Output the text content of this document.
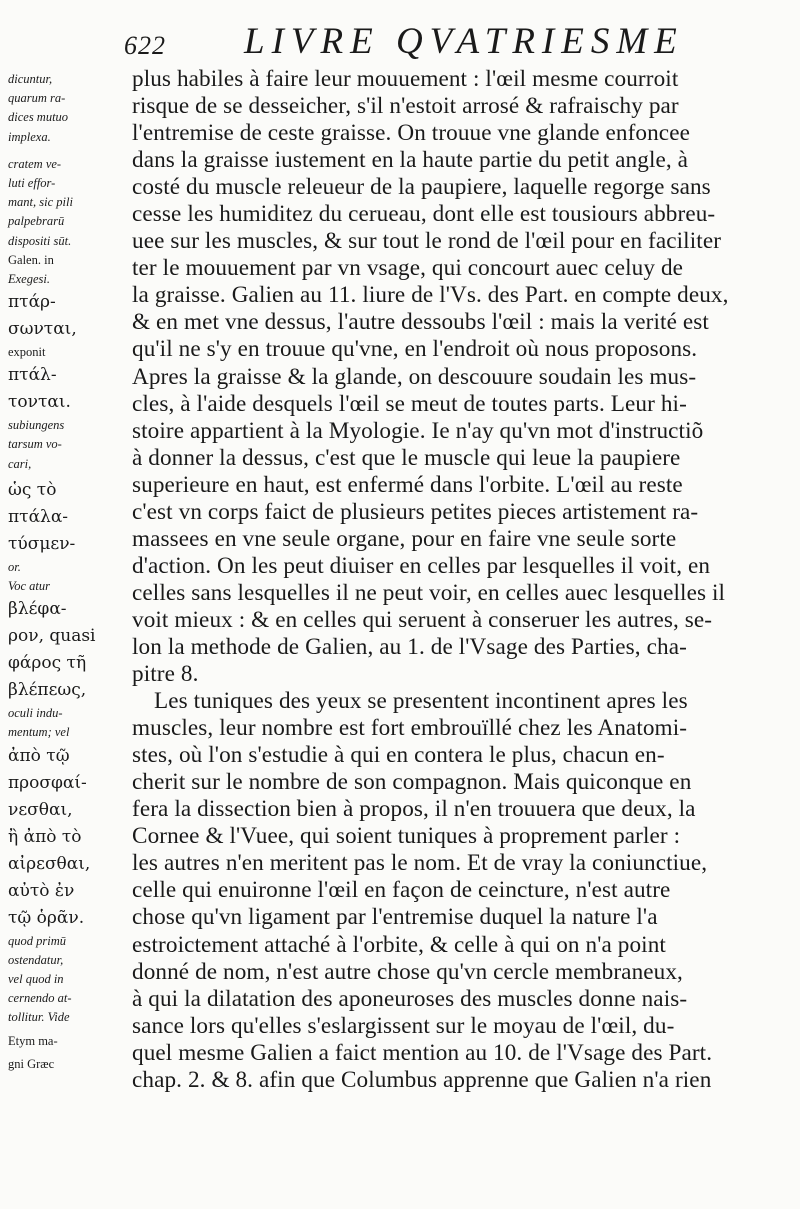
622 LIVRE QVATRIESME
dicuntur,
quarum ra-
dices mutuo
implexa.
cratem ve-
luti effor-
mant, sic pili
palpebrarū
dispositi sūt.
Galen. in
Exegesi.
πτάρ-
σωνται,
exponit
πτάλ-
τονται.
subiungens
tarsum vo-
cari,
ὡς τὸ
πτάλα-
τύσμεν-
or.
Voc atur
βλέφα-
ρον, quasi
φάρος τῆ
βλέπεως,
oculi indu-
mentum; vel
ἀπὸ τῷ
προσφαί-
νεσθαι,
ἢ ἀπὸ τὸ
αἰρεσθαι,
αὐτὸ ἐν
τῷ ὁρᾶν.
quod primū
ostendatur,
vel quod in
cernendo at-
tollitur. Vide
Etym ma-
gni Græc
plus habiles à faire leur mouuement : l'œil mesme courroit
risque de se desseicher, s'il n'estoit arrosé & rafraischy par
l'entremise de ceste graisse. On trouue vne glande enfoncee
dans la graisse iustement en la haute partie du petit angle, à
costé du muscle releueur de la paupiere, laquelle regorge sans
cesse les humiditez du cerueau, dont elle est tousiours abbreu-
uee sur les muscles, & sur tout le rond de l'œil pour en faciliter
ter le mouuement par vn vsage, qui concourt auec celuy de
la graisse. Galien au 11. liure de l'Vs. des Part. en compte deux,
& en met vne dessus, l'autre dessoubs l'œil : mais la verité est
qu'il ne s'y en trouue qu'vne, en l'endroit où nous proposons.
Apres la graisse & la glande, on descouure soudain les mus-
cles, à l'aide desquels l'œil se meut de toutes parts. Leur hi-
stoire appartient à la Myologie. Ie n'ay qu'vn mot d'instructiõ
à donner la dessus, c'est que le muscle qui leue la paupiere
superieure en haut, est enfermé dans l'orbite. L'œil au reste
c'est vn corps faict de plusieurs petites pieces artistement ra-
massees en vne seule organe, pour en faire vne seule sorte
d'action. On les peut diuiser en celles par lesquelles il voit, en
celles sans lesquelles il ne peut voir, en celles auec lesquelles il
voit mieux : & en celles qui seruent à conseruer les autres, se-
lon la methode de Galien, au 1. de l'Vsage des Parties, cha-
pitre 8.
Les tuniques des yeux se presentent incontinent apres les
muscles, leur nombre est fort embrouïllé chez les Anatomi-
stes, où l'on s'estudie à qui en contera le plus, chacun en-
cherit sur le nombre de son compagnon. Mais quiconque en
fera la dissection bien à propos, il n'en trouuera que deux, la
Cornee & l'Vuee, qui soient tuniques à proprement parler :
les autres n'en meritent pas le nom. Et de vray la coniunctiue,
celle qui enuironne l'œil en façon de ceincture, n'est autre
chose qu'vn ligament par l'entremise duquel la nature l'a
estroictement attaché à l'orbite, & celle à qui on n'a point
donné de nom, n'est autre chose qu'vn cercle membraneux,
à qui la dilatation des aponeuroses des muscles donne nais-
sance lors qu'elles s'eslargissent sur le moyau de l'œil, du-
quel mesme Galien a faict mention au 10. de l'Vsage des Part.
chap. 2. & 8. afin que Columbus apprenne que Galien n'a rien
